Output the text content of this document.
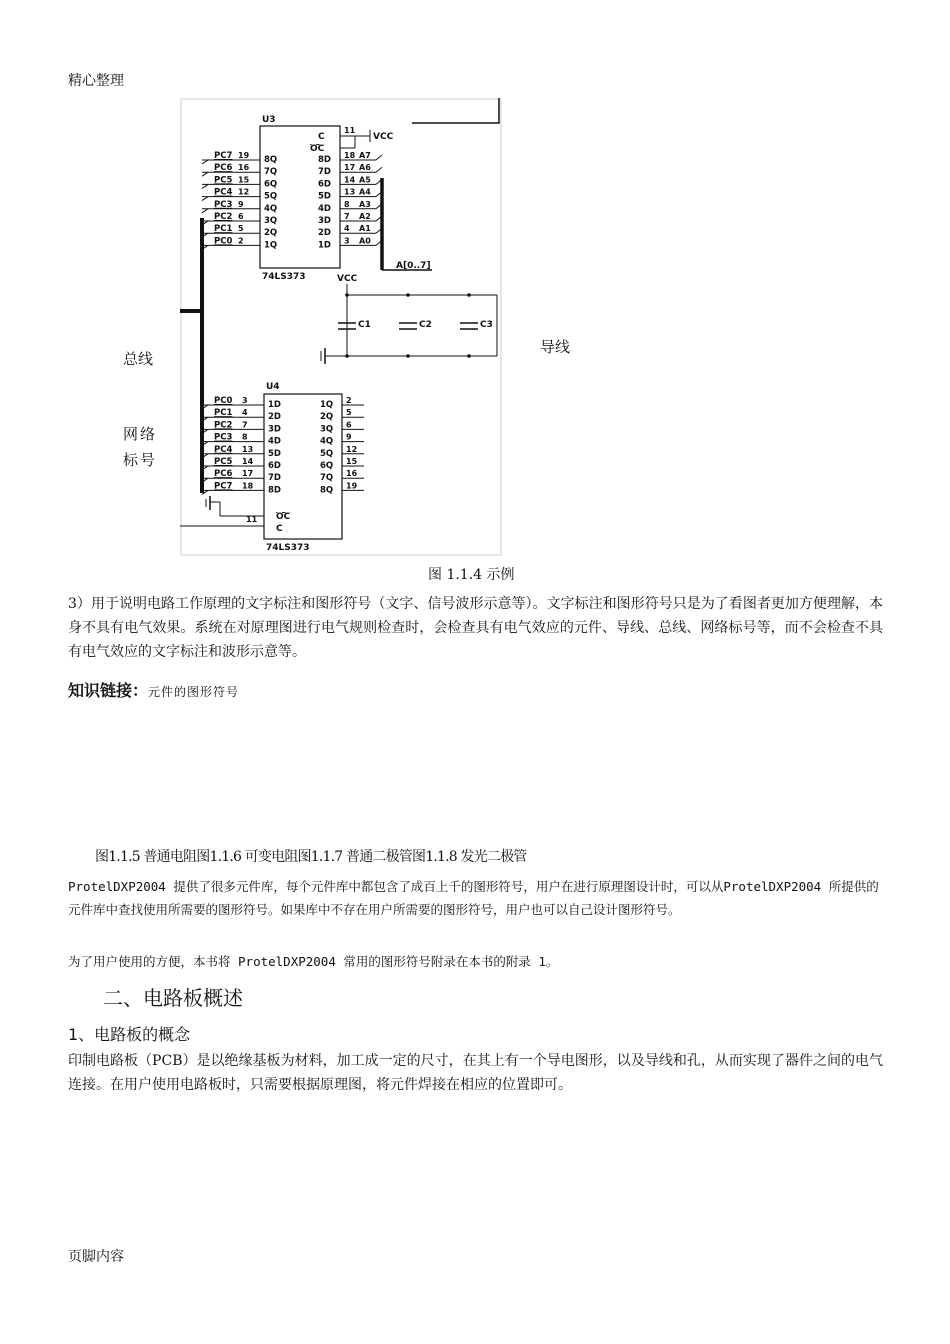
精心整理
U3
74LS373
C
OC
11
VCC
PC7 19 8Q	8D 18 A7
PC6 16 7Q	7D 17 A6
PC5 15 6Q	6D 14 A5
PC4 12 5Q	5D 13 A4
PC3 9 4Q	4D 8 A3
PC2 6 3Q	3D 7 A2
PC1 5 2Q	2D 4 A1
PC0 2 1Q	1D 3 A0
A[0..7]
VCC
C1	C2	C3
U4
74LS373
PC0 3 1D	1Q 2
PC1 4 2D	2Q 5
PC2 7 3D	3Q 6
PC3 8 4D	4Q 9
PC4 13 5D	5Q 12
PC5 14 6D	6Q 15
PC6 17 7D	7Q 16
PC7 18 8D	8Q 19
OC
C
11
总线
导线
网络
标号
图 1.1.4 示例
3）用于说明电路工作原理的文字标注和图形符号（文字、信号波形示意等）。文字标注和图形符号只是为了看图者更加方便理解，本身不具有电气效果。系统在对原理图进行电气规则检查时，会检查具有电气效应的元件、导线、总线、网络标号等，而不会检查不具有电气效应的文字标注和波形示意等。
知识链接：元件的图形符号
图1.1.5 普通电阻图1.1.6 可变电阻图1.1.7 普通二极管图1.1.8 发光二极管
ProtelDXP2004 提供了很多元件库，每个元件库中都包含了成百上千的图形符号，用户在进行原理图设计时，可以从ProtelDXP2004 所提供的元件库中查找使用所需要的图形符号。如果库中不存在用户所需要的图形符号，用户也可以自己设计图形符号。
为了用户使用的方便，本书将 ProtelDXP2004 常用的图形符号附录在本书的附录 1。
二、电路板概述
1、电路板的概念
印制电路板（PCB）是以绝缘基板为材料，加工成一定的尺寸，在其上有一个导电图形，以及导线和孔，从而实现了器件之间的电气连接。在用户使用电路板时，只需要根据原理图，将元件焊接在相应的位置即可。
页脚内容
